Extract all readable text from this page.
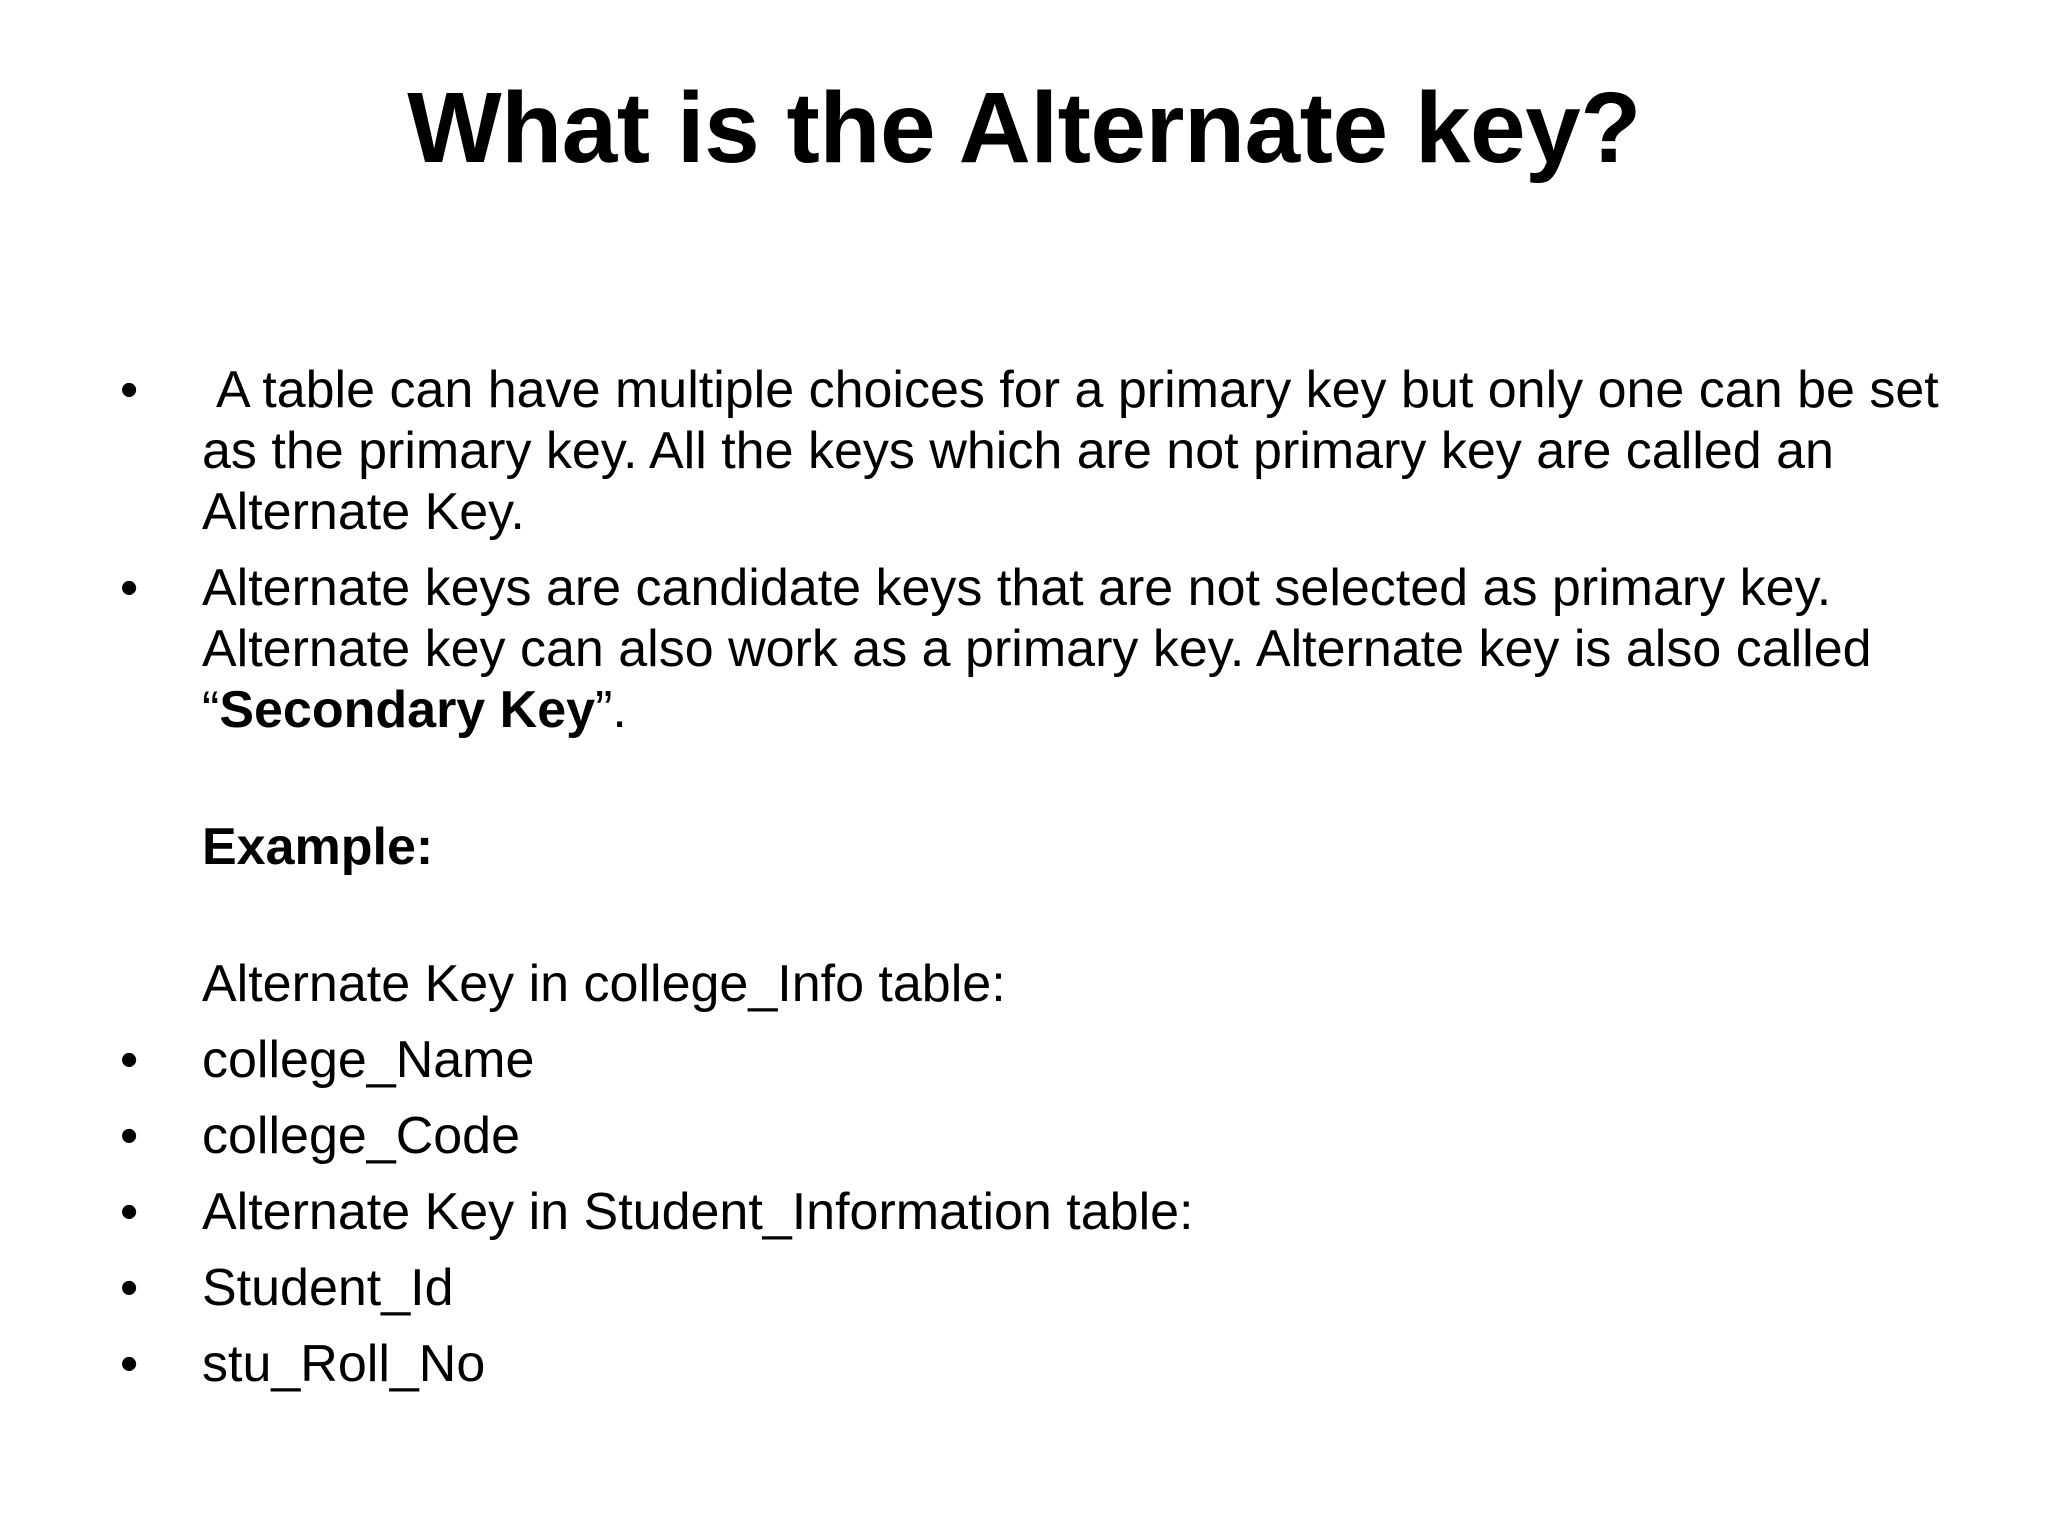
What is the Alternate key?
•	A table can have multiple choices for a primary key but only one can be set as the primary key. All the keys which are not primary key are called an Alternate Key.
•	Alternate keys are candidate keys that are not selected as primary key. Alternate key can also work as a primary key. Alternate key is also called “Secondary Key”.
Example:
Alternate Key in college_Info table:
•	college_Name
•	college_Code
•	Alternate Key in Student_Information table:
•	Student_Id
•	stu_Roll_No
